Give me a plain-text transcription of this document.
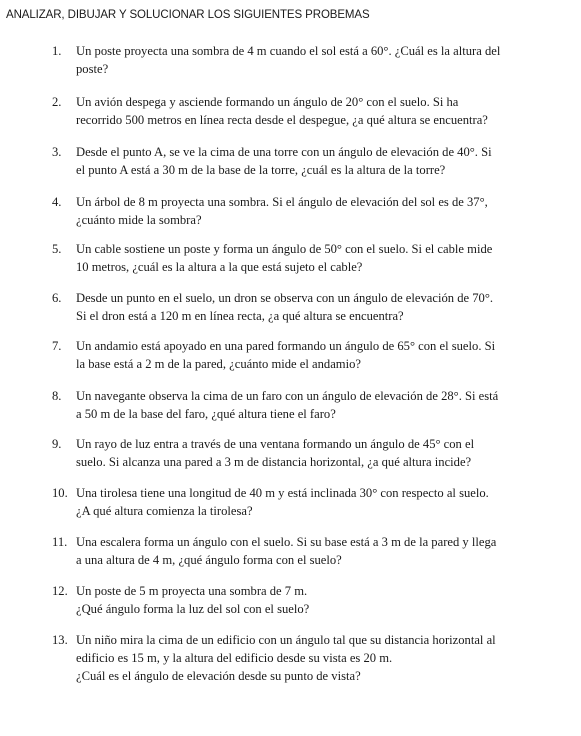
ANALIZAR, DIBUJAR Y SOLUCIONAR LOS SIGUIENTES PROBEMAS
1.	Un poste proyecta una sombra de 4 m cuando el sol está a 60°. ¿Cuál es la altura del
poste?
2.	Un avión despega y asciende formando un ángulo de 20° con el suelo. Si ha
recorrido 500 metros en línea recta desde el despegue, ¿a qué altura se encuentra?
3.	Desde el punto A, se ve la cima de una torre con un ángulo de elevación de 40°. Si
el punto A está a 30 m de la base de la torre, ¿cuál es la altura de la torre?
4.	Un árbol de 8 m proyecta una sombra. Si el ángulo de elevación del sol es de 37°,
¿cuánto mide la sombra?
5.	Un cable sostiene un poste y forma un ángulo de 50° con el suelo. Si el cable mide
10 metros, ¿cuál es la altura a la que está sujeto el cable?
6.	Desde un punto en el suelo, un dron se observa con un ángulo de elevación de 70°.
Si el dron está a 120 m en línea recta, ¿a qué altura se encuentra?
7.	Un andamio está apoyado en una pared formando un ángulo de 65° con el suelo. Si
la base está a 2 m de la pared, ¿cuánto mide el andamio?
8.	Un navegante observa la cima de un faro con un ángulo de elevación de 28°. Si está
a 50 m de la base del faro, ¿qué altura tiene el faro?
9.	Un rayo de luz entra a través de una ventana formando un ángulo de 45° con el
suelo. Si alcanza una pared a 3 m de distancia horizontal, ¿a qué altura incide?
10. Una tirolesa tiene una longitud de 40 m y está inclinada 30° con respecto al suelo.
¿A qué altura comienza la tirolesa?
11. Una escalera forma un ángulo con el suelo. Si su base está a 3 m de la pared y llega
a una altura de 4 m, ¿qué ángulo forma con el suelo?
12. Un poste de 5 m proyecta una sombra de 7 m.
¿Qué ángulo forma la luz del sol con el suelo?
13. Un niño mira la cima de un edificio con un ángulo tal que su distancia horizontal al
edificio es 15 m, y la altura del edificio desde su vista es 20 m.
¿Cuál es el ángulo de elevación desde su punto de vista?
